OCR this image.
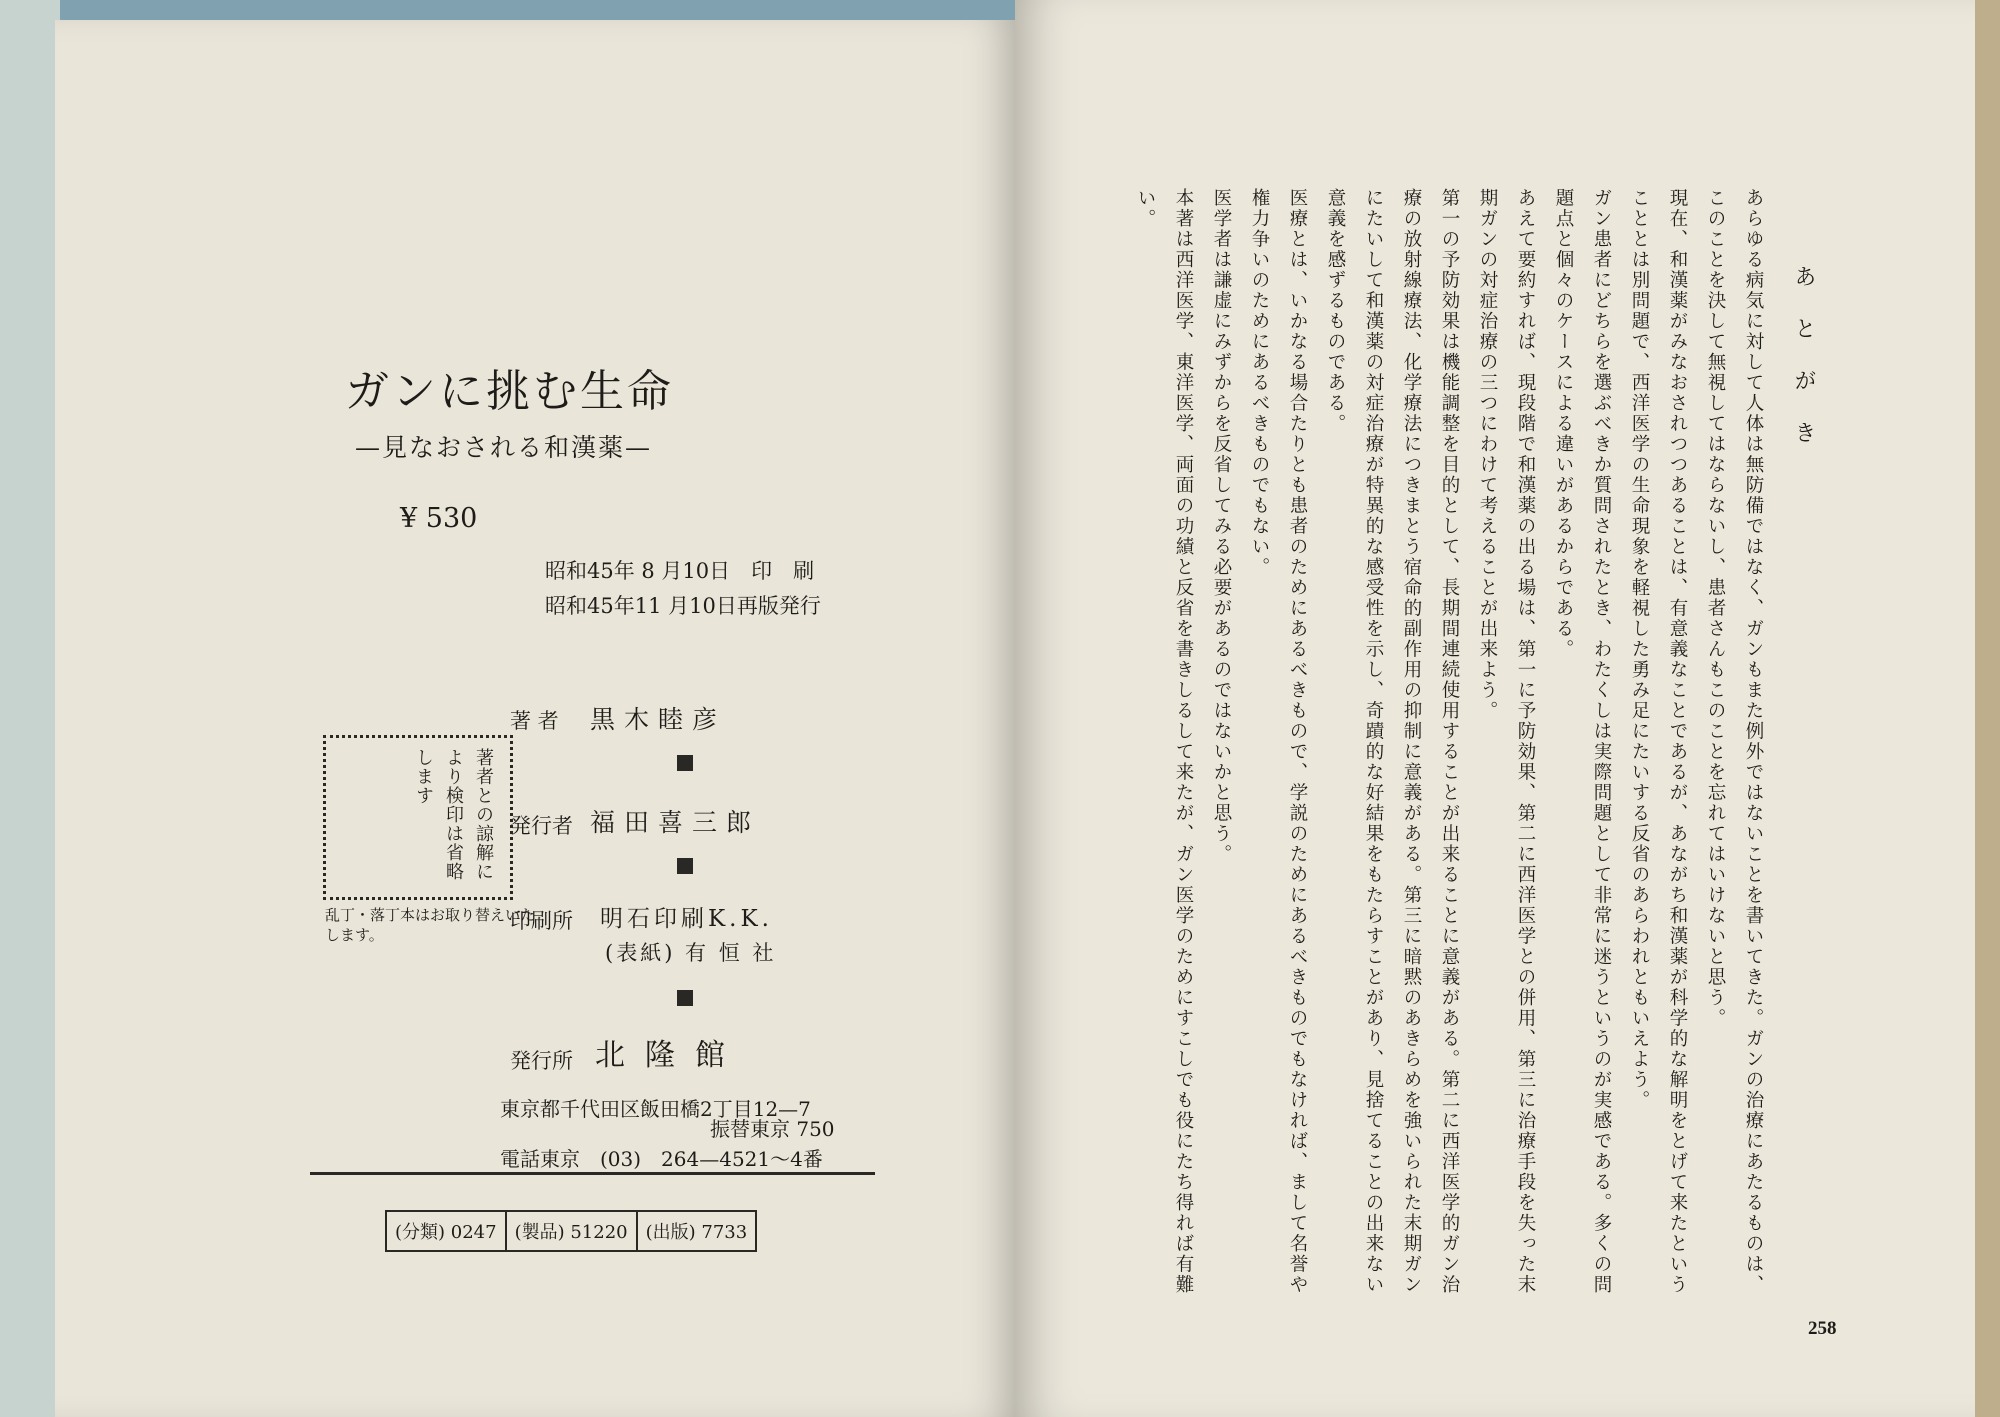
ガンに挑む生命
—見なおされる和漢薬—
¥ 530
昭和45年 8 月10日　印　刷
昭和45年11 月10日再版発行
著 者 黒木睦彦
発行者 福田喜三郎
印刷所 明石印刷K.K.
(表紙) 有 恒 社
発行所 北隆館
著者との諒解に
より検印は省略
します
乱丁・落丁本はお取り替えいたします。
東京都千代田区飯田橋2丁目12—7
振替東京 750
電話東京　(03)　264—4521〜4番
(分類) 0247	(製品) 51220	(出版) 7733
あとがき

あらゆる病気に対して人体は無防備ではなく、ガンもまた例外ではないことを書いてきた。ガンの治療にあたるものは、このことを決して無視してはならないし、患者さんもこのことを忘れてはいけないと思う。

現在、和漢薬がみなおされつつあることは、有意義なことであるが、あながち和漢薬が科学的な解明をとげて来たということとは別問題で、西洋医学の生命現象を軽視した勇み足にたいする反省のあらわれともいえよう。

ガン患者にどちらを選ぶべきか質問されたとき、わたくしは実際問題として非常に迷うというのが実感である。多くの問題点と個々のケースによる違いがあるからである。

あえて要約すれば、現段階で和漢薬の出る場は、第一に予防効果、第二に西洋医学との併用、第三に治療手段を失った末期ガンの対症治療の三つにわけて考えることが出来よう。

第一の予防効果は機能調整を目的として、長期間連続使用することが出来ることに意義がある。第二に西洋医学的ガン治療の放射線療法、化学療法につきまとう宿命的副作用の抑制に意義がある。第三に暗黙のあきらめを強いられた末期ガンにたいして和漢薬の対症治療が特異的な感受性を示し、奇蹟的な好結果をもたらすことがあり、見捨てることの出来ない意義を感ずるものである。

医療とは、いかなる場合たりとも患者のためにあるべきもので、学説のためにあるべきものでもなければ、まして名誉や権力争いのためにあるべきものでもない。

医学者は謙虚にみずからを反省してみる必要があるのではないかと思う。

本著は西洋医学、東洋医学、両面の功績と反省を書きしるして来たが、ガン医学のためにすこしでも役にたち得れば有難い。

258
